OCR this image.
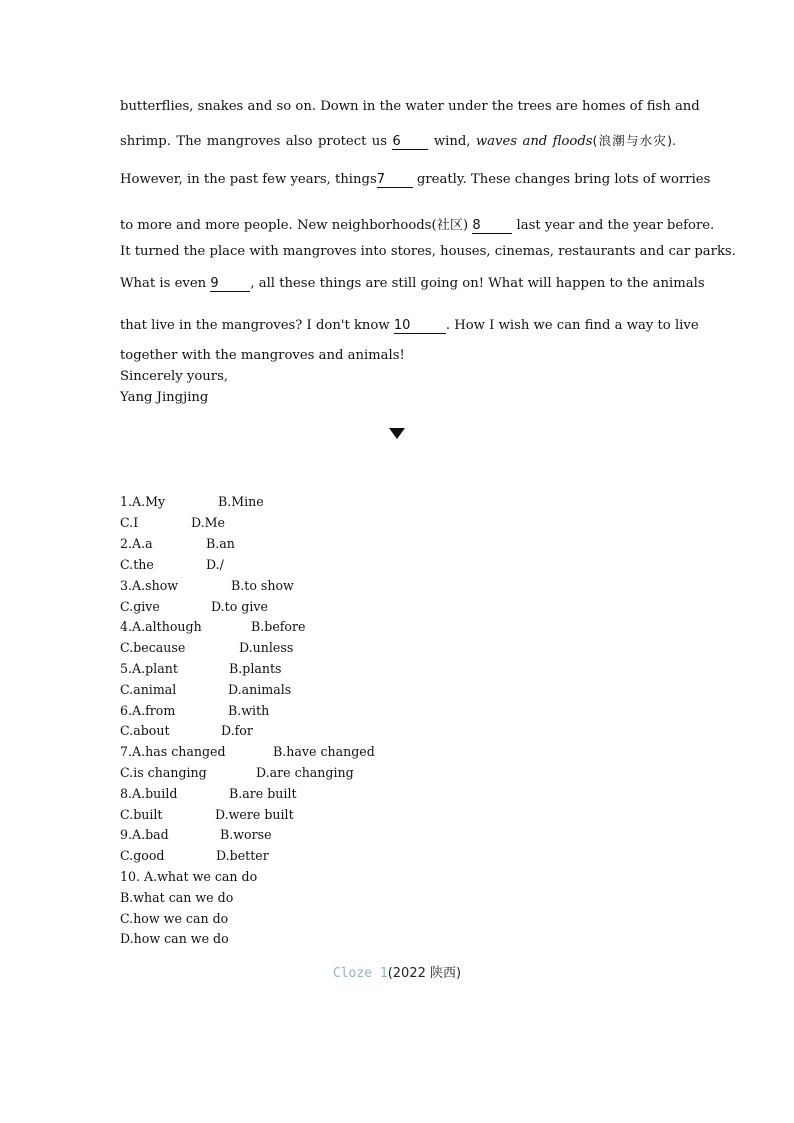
butterflies, snakes and so on. Down in the water under the trees are homes of fish and
shrimp. The mangroves also protect us 6 wind, waves and floods(浪潮与水灾).
However, in the past few years, things7 greatly. These changes bring lots of worries
to more and more people. New neighborhoods(社区) 8 last year and the year before.
It turned the place with mangroves into stores, houses, cinemas, restaurants and car parks.
What is even 9 , all these things are still going on! What will happen to the animals
that live in the mangroves? I don't know 10	. How I wish we can find a way to live
together with the mangroves and animals!
Sincerely yours,
Yang Jingjing
1.A.My	B.Mine
C.I	D.Me
2.A.a	B.an
C.the	D./
3.A.show	B.to show
C.give	D.to give
4.A.although	B.before
C.because	D.unless
5.A.plant	B.plants
C.animal	D.animals
6.A.from	B.with
C.about	D.for
7.A.has changed	B.have changed
C.is changing	D.are changing
8.A.build	B.are built
C.built	D.were built
9.A.bad	B.worse
C.good	D.better
10. A.what we can do
B.what can we do
C.how we can do
D.how can we do
Cloze 1(2022 陕西)
